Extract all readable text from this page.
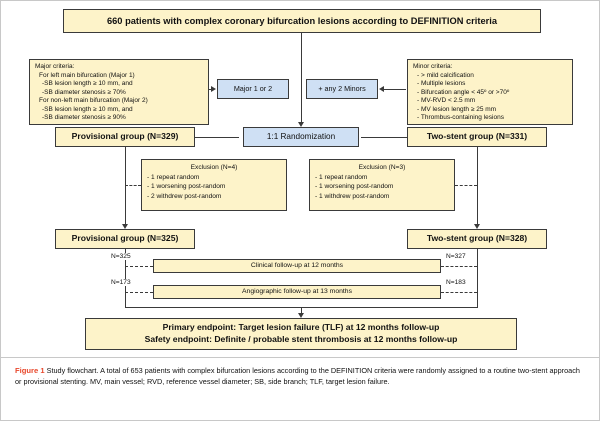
660 patients with complex coronary bifurcation lesions according to DEFINITION criteria
Major criteria:
For left main bifurcation (Major 1)
-SB lesion length ≥ 10 mm, and
-SB diameter stenosis ≥ 70%
For non-left main bifurcation (Major 2)
-SB lesion length ≥ 10 mm, and
-SB diameter stenosis ≥ 90%
Minor criteria:
- > mild calcification
- Multiple lesions
- Bifurcation angle < 45º or >70º
- MV-RVD < 2.5 mm
- MV lesion length ≥ 25 mm
- Thrombus-containing lesions
Major 1 or 2	+ any 2 Minors
1:1 Randomization
Provisional group (N=329)	Two-stent group (N=331)
Exclusion (N=4)
- 1 repeat random
- 1 worsening post-random
- 2 withdrew post-random
Exclusion (N=3)
- 1 repeat random
- 1 worsening post-random
- 1 withdrew post-random
Provisional group (N=325)	Two-stent group (N=328)
Clinical follow-up at 12 months
N=325	N=327
Angiographic follow-up at 13 months
N=173	N=183
Primary endpoint: Target lesion failure (TLF) at 12 months follow-up
Safety endpoint: Definite / probable stent thrombosis at 12 months follow-up
Figure 1 Study flowchart. A total of 653 patients with complex bifurcation lesions according to the DEFINITION criteria were randomly assigned to a routine two-stent approach or provisional stenting. MV, main vessel; RVD, reference vessel diameter; SB, side branch; TLF, target lesion failure.
